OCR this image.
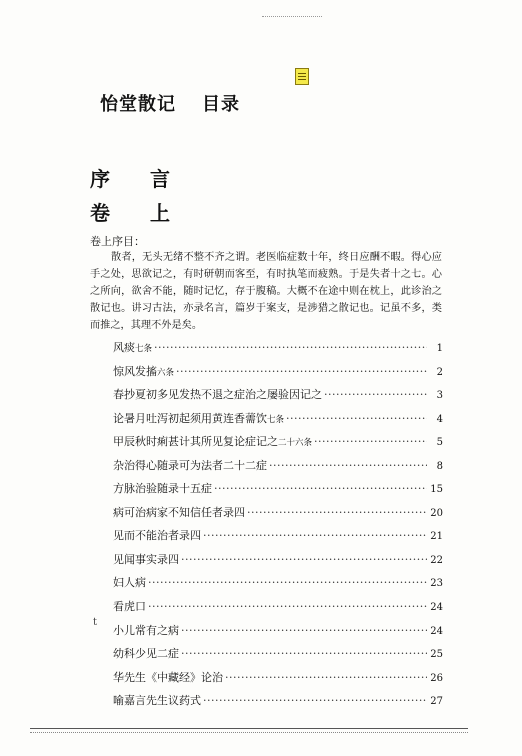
怡堂散记 目录
序 言
卷 上
卷上序目：
散者，无头无绪不整不齐之谓。老医临症数十年，终日应酬不暇。得心应手之处，思欲记之，有时研朝而客至，有时执笔而疲熟。于是失者十之七。心之所向，欲舍不能，随时记忆，存于腹稿。大概不在途中则在枕上，此诊治之散记也。讲习古法，亦录名言，篇岁于案支，是涉猎之散记也。记虽不多，类而推之，其理不外是矣。
风痰七条 ·····	1
惊风发搐六条 ·····	2
春抄夏初多见发热不退之症治之屡验因记之 ·····	3
论暑月吐泻初起须用黄连香薷饮七条 ·····	4
甲辰秋时痢甚计其所见复论症记之二十六条 ·····	5
杂治得心随录可为法者二十二症 ·····	8
方脉治验随录十五症 ·····	15
病可治病家不知信任者录四 ·····	20
见而不能治者录四 ·····	21
见闻事实录四 ·····	22
妇人病 ·····	23
看虎口 ·····	24
小儿常有之病 ·····	24
幼科少见二症 ·····	25
华先生《中藏经》论治 ·····	26
喻嘉言先生议药式 ·····	27
t
